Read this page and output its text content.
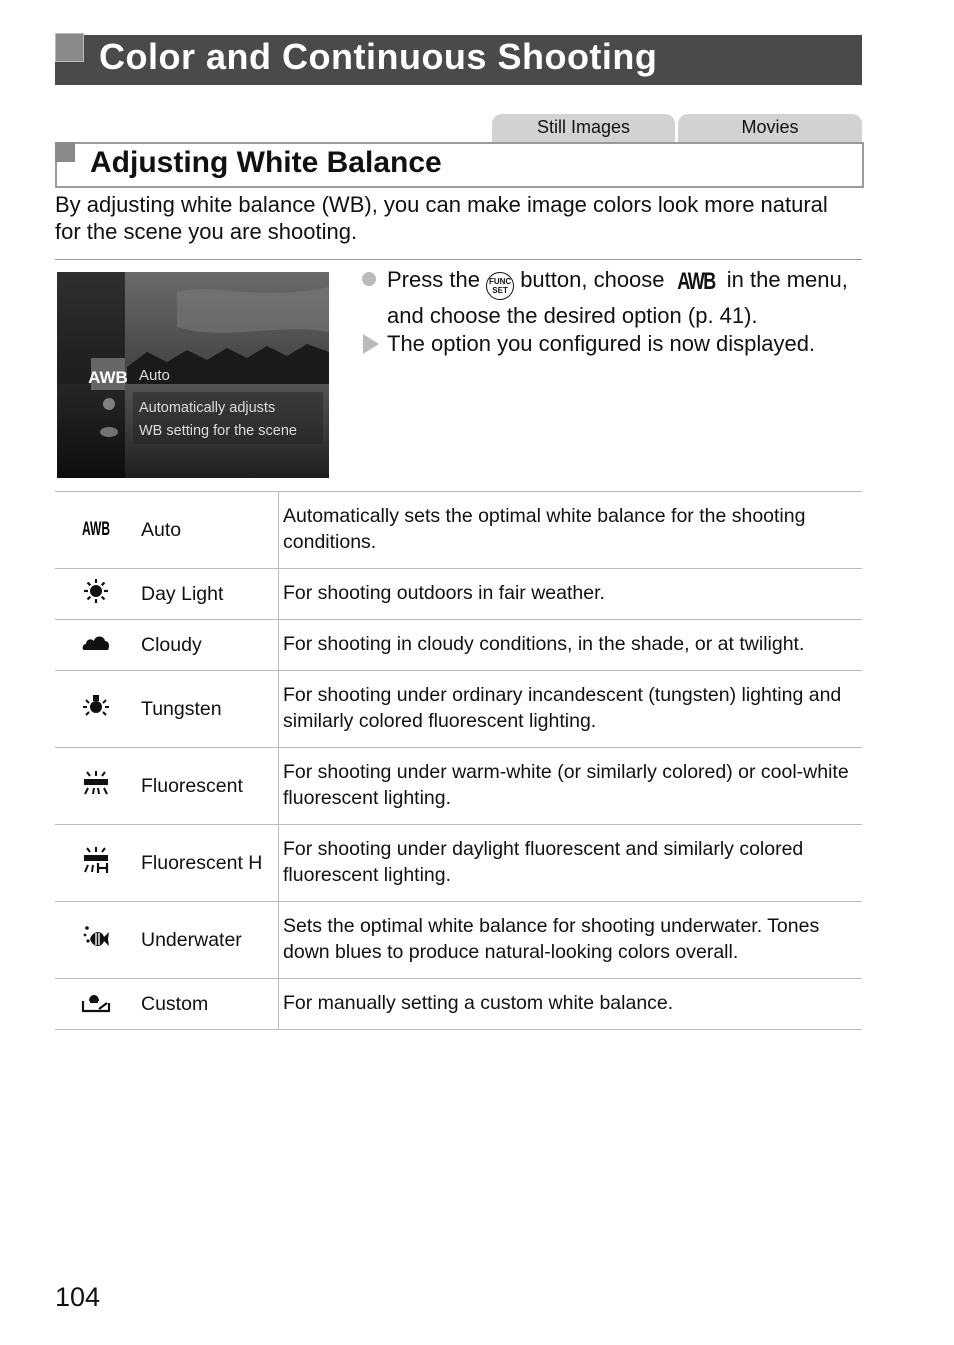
Color and Continuous Shooting
Still Images	Movies
Adjusting White Balance
By adjusting white balance (WB), you can make image colors look more natural for the scene you are shooting.
AWB Auto
Automatically adjusts
WB setting for the scene
Press the FUNC
SET button, choose AWB in the menu,
and choose the desired option (p. 41).
The option you configured is now displayed.
AWB	Auto	Automatically sets the optimal white balance for the shooting conditions.
	Day Light	For shooting outdoors in fair weather.
	Cloudy	For shooting in cloudy conditions, in the shade, or at twilight.
	Tungsten	For shooting under ordinary incandescent (tungsten) lighting and similarly colored fluorescent lighting.
	Fluorescent	For shooting under warm-white (or similarly colored) or cool-white fluorescent lighting.
	Fluorescent H	For shooting under daylight fluorescent and similarly colored fluorescent lighting.
	Underwater	Sets the optimal white balance for shooting underwater. Tones down blues to produce natural-looking colors overall.
	Custom	For manually setting a custom white balance.
104
